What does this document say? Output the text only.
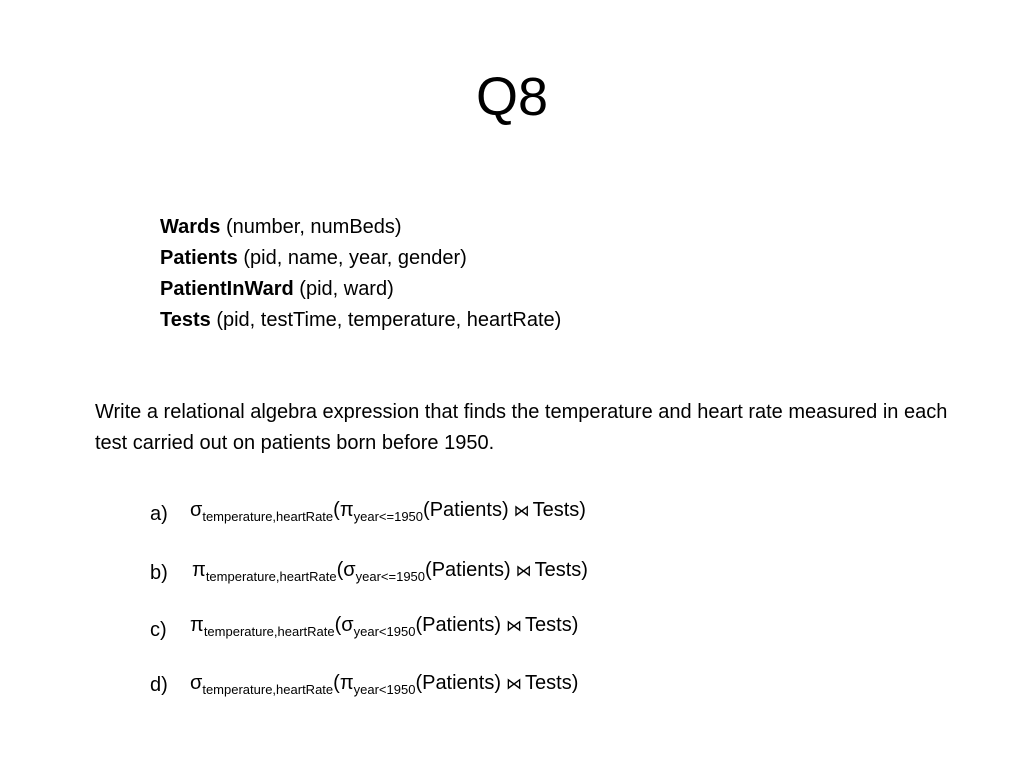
Q8
Wards (number, numBeds)
Patients (pid, name, year, gender)
PatientInWard (pid, ward)
Tests (pid, testTime, temperature, heartRate)
Write a relational algebra expression that finds the temperature and heart rate measured in each test carried out on patients born before 1950.
a) $\sigma_{temperature,heartRate}(\pi_{year<=1950}(Patients)$ ⋈ Tests)
b) $\pi_{temperature,heartRate}(\sigma_{year<=1950}(Patients)$ ⋈ Tests)
c) $\pi_{temperature,heartRate}(\sigma_{year<1950}(Patients)$ ⋈ Tests)
d) $\sigma_{temperature,heartRate}(\pi_{year<1950}(Patients)$ ⋈ Tests)
